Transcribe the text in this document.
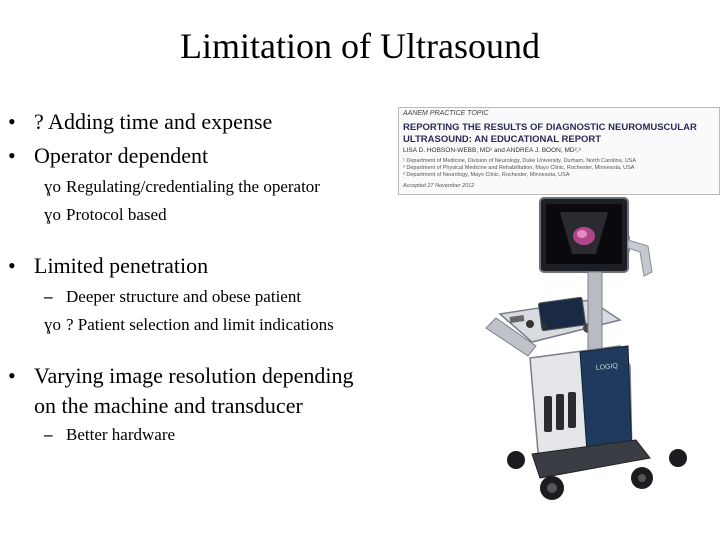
Limitation of Ultrasound
• ? Adding time and expense
• Operator dependent
ɣo Regulating/credentialing the operator
ɣo Protocol based
• Limited penetration
– Deeper structure and obese patient
ɣo ? Patient selection and limit indications
• Varying image resolution depending
on the machine and transducer
– Better hardware
AANEM PRACTICE TOPIC
REPORTING THE RESULTS OF DIAGNOSTIC NEUROMUSCULAR
ULTRASOUND: AN EDUCATIONAL REPORT
LISA D. HOBSON-WEBB, MD¹ and ANDREA J. BOON, MD²,³
¹ Department of Medicine, Division of Neurology, Duke University, Durham, North Carolina, USA
² Department of Physical Medicine and Rehabilitation, Mayo Clinic, Rochester, Minnesota, USA
³ Department of Neurology, Mayo Clinic, Rochester, Minnesota, USA
Accepted 27 November 2012
LOGIQ
